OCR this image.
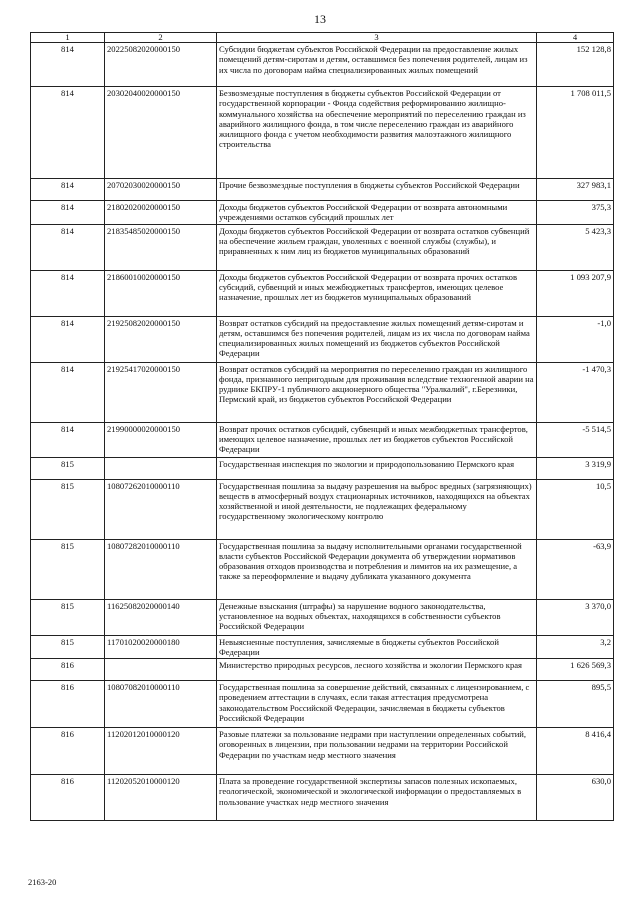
13
1	2	3	4
814	20225082020000150	Субсидии бюджетам субъектов Российской Федерации на предоставление жилых помещений детям-сиротам и детям, оставшимся без попечения родителей, лицам из их числа по договорам найма специализированных жилых помещений	152 128,8
814	20302040020000150	Безвозмездные поступления в бюджеты субъектов Российской Федерации от государственной корпорации - Фонда содействия реформированию жилищно-коммунального хозяйства на обеспечение мероприятий по переселению граждан из аварийного жилищного фонда, в том числе переселению граждан из аварийного жилищного фонда с учетом необходимости развития малоэтажного жилищного строительства	1 708 011,5
814	20702030020000150	Прочие безвозмездные поступления в бюджеты субъектов Российской Федерации	327 983,1
814	21802020020000150	Доходы бюджетов субъектов Российской Федерации от возврата автономными учреждениями остатков субсидий прошлых лет	375,3
814	21835485020000150	Доходы бюджетов субъектов Российской Федерации от возврата остатков субвенций на обеспечение жильем граждан, уволенных с военной службы (службы), и приравненных к ним лиц из бюджетов муниципальных образований	5 423,3
814	21860010020000150	Доходы бюджетов субъектов Российской Федерации от возврата прочих остатков субсидий, субвенций и иных межбюджетных трансфертов, имеющих целевое назначение, прошлых лет из бюджетов муниципальных образований	1 093 207,9
814	21925082020000150	Возврат остатков субсидий на предоставление жилых помещений детям-сиротам и детям, оставшимся без попечения родителей, лицам из их числа по договорам найма специализированных жилых помещений из бюджетов субъектов Российской Федерации	-1,0
814	21925417020000150	Возврат остатков субсидий на мероприятия по переселению граждан из жилищного фонда, признанного непригодным для проживания вследствие техногенной аварии на руднике БКПРУ-1 публичного акционерного общества "Уралкалий", г.Березники, Пермский край, из бюджетов субъектов Российской Федерации	-1 470,3
814	21990000020000150	Возврат прочих остатков субсидий, субвенций и иных межбюджетных трансфертов, имеющих целевое назначение, прошлых лет из бюджетов субъектов Российской Федерации	-5 514,5
815		Государственная инспекция по экологии и природопользованию Пермского края	3 319,9
815	10807262010000110	Государственная пошлина за выдачу разрешения на выброс вредных (загрязняющих) веществ в атмосферный воздух стационарных источников, находящихся на объектах хозяйственной и иной деятельности, не подлежащих федеральному государственному экологическому контролю	10,5
815	10807282010000110	Государственная пошлина за выдачу исполнительными органами государственной власти субъектов Российской Федерации документа об утверждении нормативов образования отходов производства и потребления и лимитов на их размещение, а также за переоформление и выдачу дубликата указанного документа	-63,9
815	11625082020000140	Денежные взыскания (штрафы) за нарушение водного законодательства, установленное на водных объектах, находящихся в собственности субъектов Российской Федерации	3 370,0
815	11701020020000180	Невыясненные поступления, зачисляемые в бюджеты субъектов Российской Федерации	3,2
816		Министерство природных ресурсов, лесного хозяйства и экологии Пермского края	1 626 569,3
816	10807082010000110	Государственная пошлина за совершение действий, связанных с лицензированием, с проведением аттестации в случаях, если такая аттестация предусмотрена законодательством Российской Федерации, зачисляемая в бюджеты субъектов Российской Федерации	895,5
816	11202012010000120	Разовые платежи за пользование недрами при наступлении определенных событий, оговоренных в лицензии, при пользовании недрами на территории Российской Федерации по участкам недр местного значения	8 416,4
816	11202052010000120	Плата за проведение государственной экспертизы запасов полезных ископаемых, геологической, экономической и экологической информации о предоставляемых в пользование участках недр местного значения	630,0
2163-20
